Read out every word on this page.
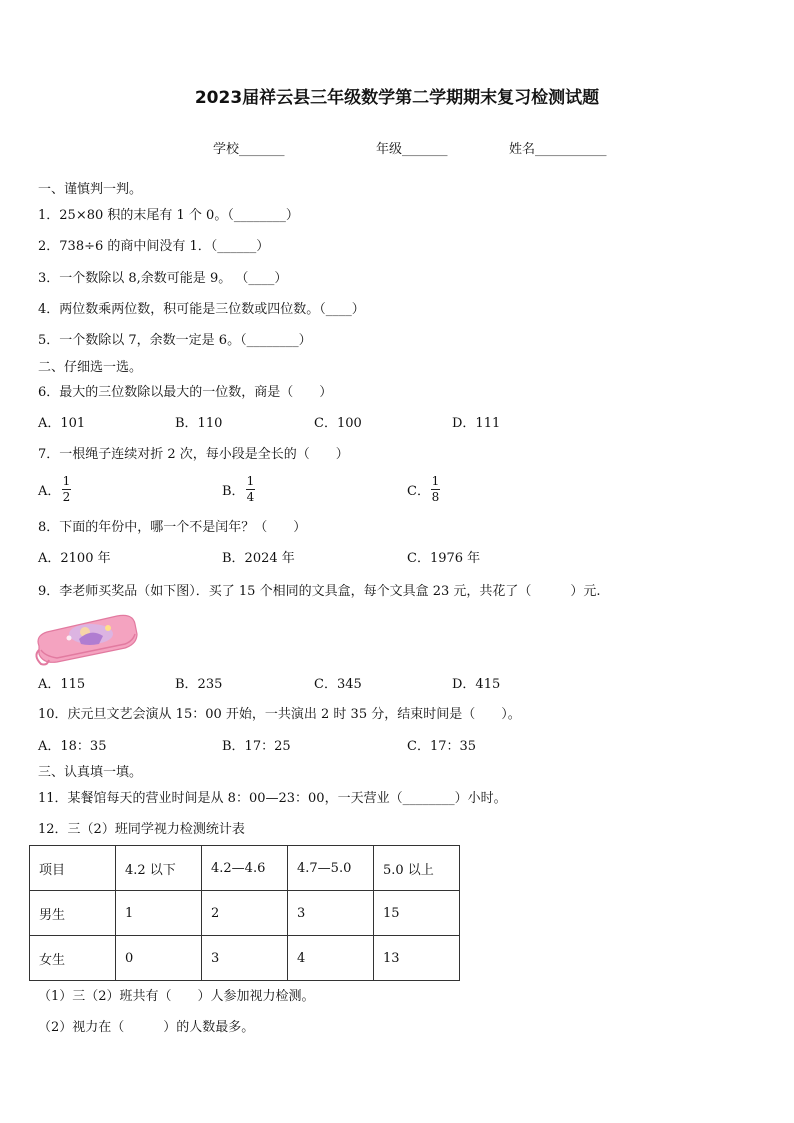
2023届祥云县三年级数学第二学期期末复习检测试题
学校_______	年级_______	姓名___________
一、谨慎判一判。
1．25×80 积的末尾有 1 个 0。（________）
2．738÷6 的商中间没有 1．（______）
3．一个数除以 8,余数可能是 9。 （____）
4．两位数乘两位数，积可能是三位数或四位数。（____）
5．一个数除以 7，余数一定是 6。（________）
二、仔细选一选。
6．最大的三位数除以最大的一位数，商是（　　）
A．101	B．110	C．100	D．111
7．一根绳子连续对折 2 次，每小段是全长的（　　）
A．
1
2	B．
1
4	C．
1
8
8．下面的年份中，哪一个不是闰年？（　　）
A．2100 年	B．2024 年	C．1976 年
9．李老师买奖品（如下图）．买了 15 个相同的文具盒，每个文具盒 23 元，共花了（　　　）元.
A．115	B．235	C．345	D．415
10．庆元旦文艺会演从 15：00 开始，一共演出 2 时 35 分，结束时间是（　　）。
A．18：35	B．17：25	C．17：35
三、认真填一填。
11．某餐馆每天的营业时间是从 8：00—23：00，一天营业（________）小时。
12．三（2）班同学视力检测统计表
项目	4.2 以下	4.2—4.6	4.7—5.0	5.0 以上
男生	1	2	3	15
女生	0	3	4	13
（1）三（2）班共有（　　）人参加视力检测。
（2）视力在（　　　）的人数最多。
